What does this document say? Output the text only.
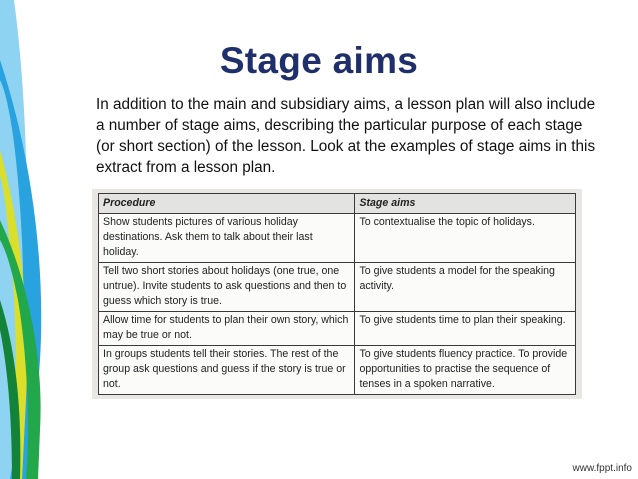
Stage aims
In addition to the main and subsidiary aims, a lesson plan will also include a number of stage aims, describing the particular purpose of each stage (or short section) of the lesson. Look at the examples of stage aims in this extract from a lesson plan.
Procedure	Stage aims
Show students pictures of various holiday destinations. Ask them to talk about their last holiday.	To contextualise the topic of holidays.
Tell two short stories about holidays (one true, one untrue). Invite students to ask questions and then to guess which story is true.	To give students a model for the speaking activity.
Allow time for students to plan their own story, which may be true or not.	To give students time to plan their speaking.
In groups students tell their stories. The rest of the group ask questions and guess if the story is true or not.	To give students fluency practice. To provide opportunities to practise the sequence of tenses in a spoken narrative.
www.fppt.info
